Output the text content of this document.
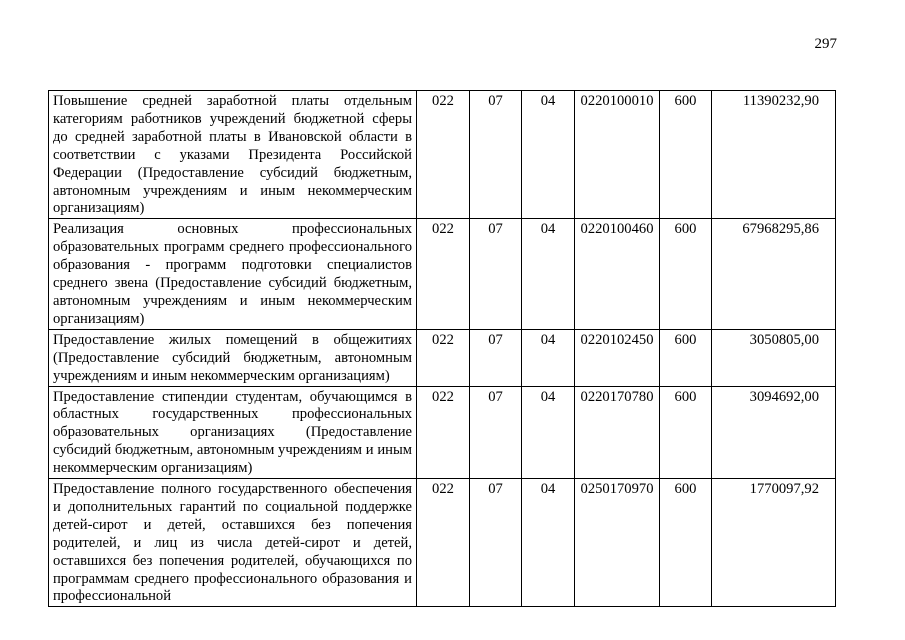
297
Повышение средней заработной платы отдельным категориям работников учреждений бюджетной сферы до средней заработной платы в Ивановской области в соответствии с указами Президента Российской Федерации (Предоставление субсидий бюджетным, автономным учреждениям и иным некоммерческим организациям)	022	07	04	0220100010	600	11390232,90
Реализация основных профессиональных образовательных программ среднего профессионального образования - программ подготовки специалистов среднего звена (Предоставление субсидий бюджетным, автономным учреждениям и иным некоммерческим организациям)	022	07	04	0220100460	600	67968295,86
Предоставление жилых помещений в общежитиях (Предоставление субсидий бюджетным, автономным учреждениям и иным некоммерческим организациям)	022	07	04	0220102450	600	3050805,00
Предоставление стипендии студентам, обучающимся в областных государственных профессиональных образовательных организациях (Предоставление субсидий бюджетным, автономным учреждениям и иным некоммерческим организациям)	022	07	04	0220170780	600	3094692,00
Предоставление полного государственного обеспечения и дополнительных гарантий по социальной поддержке детей-сирот и детей, оставшихся без попечения родителей, и лиц из числа детей-сирот и детей, оставшихся без попечения родителей, обучающихся по программам среднего профессионального образования и профессиональной	022	07	04	0250170970	600	1770097,92
